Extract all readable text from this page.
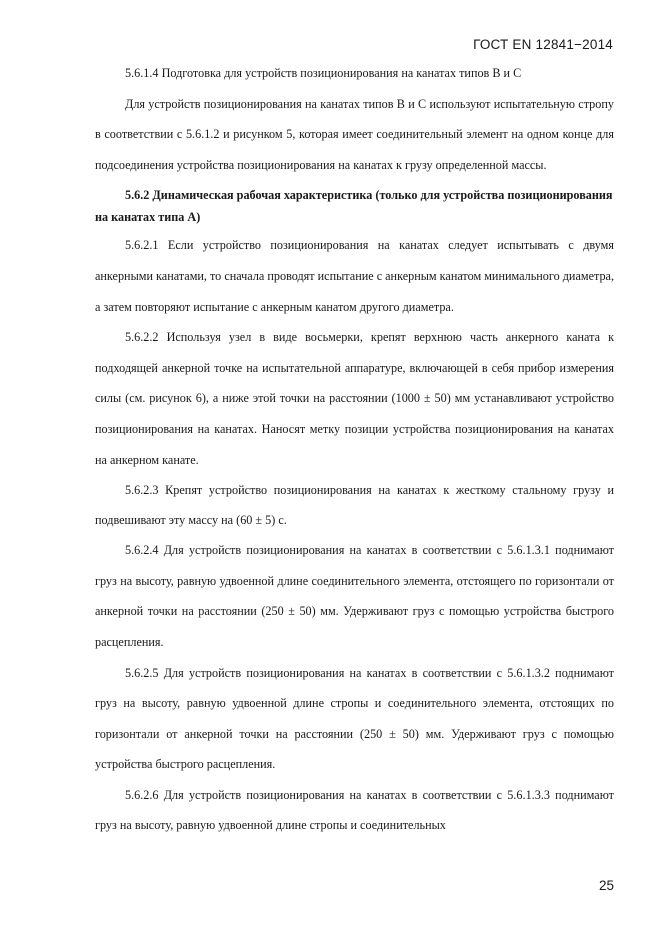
ГОСТ EN 12841−2014

5.6.1.4 Подготовка для устройств позиционирования на канатах типов В и С

Для устройств позиционирования на канатах типов В и С используют испытательную стропу в соответствии с 5.6.1.2 и рисунком 5, которая имеет соединительный элемент на одном конце для подсоединения устройства позиционирования на канатах к грузу определенной массы.

5.6.2 Динамическая рабочая характеристика (только для устройства позиционирования на канатах типа А)

5.6.2.1 Если устройство позиционирования на канатах следует испытывать с двумя анкерными канатами, то сначала проводят испытание с анкерным канатом минимального диаметра, а затем повторяют испытание с анкерным канатом другого диаметра.

5.6.2.2 Используя узел в виде восьмерки, крепят верхнюю часть анкерного каната к подходящей анкерной точке на испытательной аппаратуре, включающей в себя прибор измерения силы (см. рисунок 6), а ниже этой точки на расстоянии (1000 ± 50) мм устанавливают устройство позиционирования на канатах. Наносят метку позиции устройства позиционирования на канатах на анкерном канате.

5.6.2.3 Крепят устройство позиционирования на канатах к жесткому стальному грузу и подвешивают эту массу на (60 ± 5) с.

5.6.2.4 Для устройств позиционирования на канатах в соответствии с 5.6.1.3.1 поднимают груз на высоту, равную удвоенной длине соединительного элемента, отстоящего по горизонтали от анкерной точки на расстоянии (250 ± 50) мм. Удерживают груз с помощью устройства быстрого расцепления.

5.6.2.5 Для устройств позиционирования на канатах в соответствии с 5.6.1.3.2 поднимают груз на высоту, равную удвоенной длине стропы и соединительного элемента, отстоящих по горизонтали от анкерной точки на расстоянии (250 ± 50) мм. Удерживают груз с помощью устройства быстрого расцепления.

5.6.2.6 Для устройств позиционирования на канатах в соответствии с 5.6.1.3.3 поднимают груз на высоту, равную удвоенной длине стропы и соединительных

25
